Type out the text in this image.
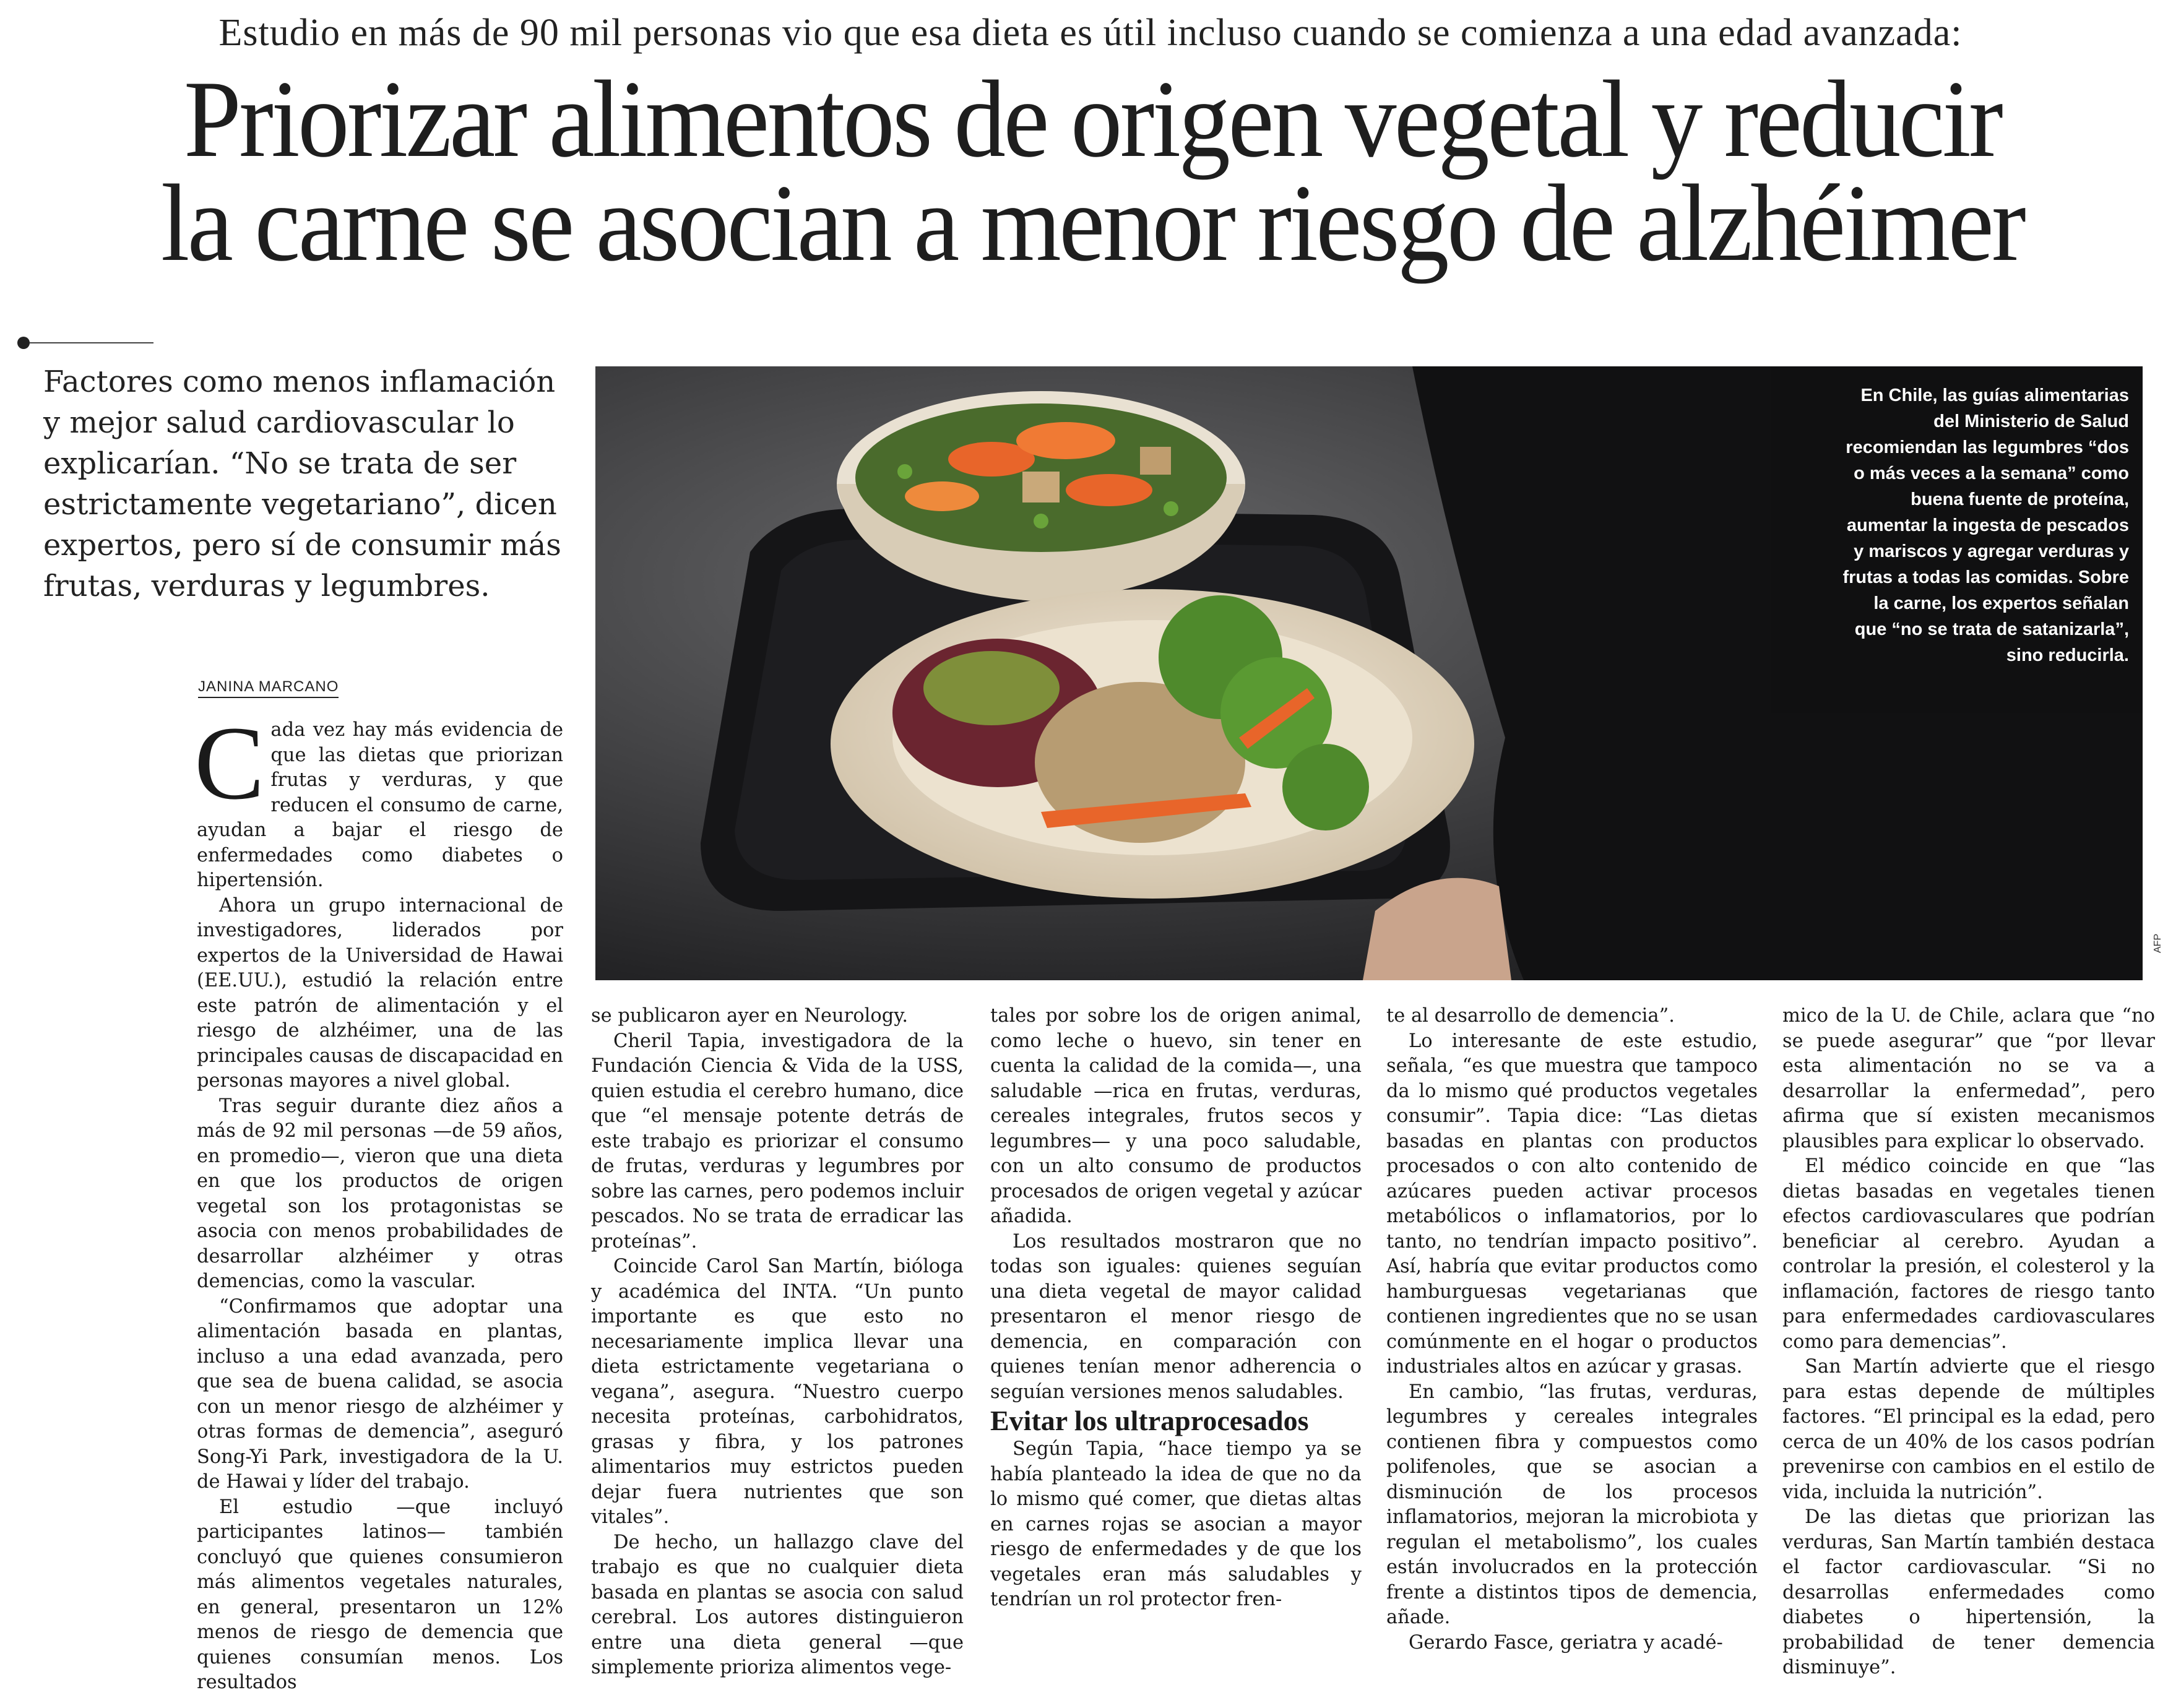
Estudio en más de 90 mil personas vio que esa dieta es útil incluso cuando se comienza a una edad avanzada:
Priorizar alimentos de origen vegetal y reducir
la carne se asocian a menor riesgo de alzhéimer
Factores como menos inflamación y mejor salud cardiovascular lo explicarían. “No se trata de ser estrictamente vegetariano”, dicen expertos, pero sí de consumir más frutas, verduras y legumbres.
JANINA MARCANO
En Chile, las guías alimentarias del Ministerio de Salud recomiendan las legumbres “dos o más veces a la semana” como buena fuente de proteína, aumentar la ingesta de pescados y mariscos y agregar verduras y frutas a todas las comidas. Sobre la carne, los expertos señalan que “no se trata de satanizarla”, sino reducirla.
AFP

Cada vez hay más evidencia de que las dietas que priorizan frutas y verduras, y que reducen el consumo de carne, ayudan a bajar el riesgo de enfermedades como diabetes o hipertensión.

Ahora un grupo internacional de investigadores, liderados por expertos de la Universidad de Hawai (EE.UU.), estudió la relación entre este patrón de alimentación y el riesgo de alzhéimer, una de las principales causas de discapacidad en personas mayores a nivel global.

Tras seguir durante diez años a más de 92 mil personas —de 59 años, en promedio—, vieron que una dieta en que los productos de origen vegetal son los protagonistas se asocia con menos probabilidades de desarrollar alzhéimer y otras demencias, como la vascular.

“Confirmamos que adoptar una alimentación basada en plantas, incluso a una edad avanzada, pero que sea de buena calidad, se asocia con un menor riesgo de alzhéimer y otras formas de demencia”, aseguró Song-Yi Park, investigadora de la U. de Hawai y líder del trabajo.

El estudio —que incluyó participantes latinos— también concluyó que quienes consumieron más alimentos vegetales naturales, en general, presentaron un 12% menos de riesgo de demencia que quienes consumían menos. Los resultados

se publicaron ayer en Neurology.

Cheril Tapia, investigadora de la Fundación Ciencia & Vida de la USS, quien estudia el cerebro humano, dice que “el mensaje potente detrás de este trabajo es priorizar el consumo de frutas, verduras y legumbres por sobre las carnes, pero podemos incluir pescados. No se trata de erradicar las proteínas”.

Coincide Carol San Martín, bióloga y académica del INTA. “Un punto importante es que esto no necesariamente implica llevar una dieta estrictamente vegetariana o vegana”, asegura. “Nuestro cuerpo necesita proteínas, carbohidratos, grasas y fibra, y los patrones alimentarios muy estrictos pueden dejar fuera nutrientes que son vitales”.

De hecho, un hallazgo clave del trabajo es que no cualquier dieta basada en plantas se asocia con salud cerebral. Los autores distinguieron entre una dieta general —que simplemente prioriza alimentos vege-

tales por sobre los de origen animal, como leche o huevo, sin tener en cuenta la calidad de la comida—, una saludable —rica en frutas, verduras, cereales integrales, frutos secos y legumbres— y una poco saludable, con un alto consumo de productos procesados de origen vegetal y azúcar añadida.

Los resultados mostraron que no todas son iguales: quienes seguían una dieta vegetal de mayor calidad presentaron el menor riesgo de demencia, en comparación con quienes tenían menor adherencia o seguían versiones menos saludables.

Evitar los ultraprocesados

Según Tapia, “hace tiempo ya se había planteado la idea de que no da lo mismo qué comer, que dietas altas en carnes rojas se asocian a mayor riesgo de enfermedades y de que los vegetales eran más saludables y tendrían un rol protector fren-

te al desarrollo de demencia”.

Lo interesante de este estudio, señala, “es que muestra que tampoco da lo mismo qué productos vegetales consumir”. Tapia dice: “Las dietas basadas en plantas con productos procesados o con alto contenido de azúcares pueden activar procesos metabólicos o inflamatorios, por lo tanto, no tendrían impacto positivo”. Así, habría que evitar productos como hamburguesas vegetarianas que contienen ingredientes que no se usan comúnmente en el hogar o productos industriales altos en azúcar y grasas.

En cambio, “las frutas, verduras, legumbres y cereales integrales contienen fibra y compuestos como polifenoles, que se asocian a disminución de los procesos inflamatorios, mejoran la microbiota y regulan el metabolismo”, los cuales están involucrados en la protección frente a distintos tipos de demencia, añade.

Gerardo Fasce, geriatra y acadé-

mico de la U. de Chile, aclara que “no se puede asegurar” que “por llevar esta alimentación no se va a desarrollar la enfermedad”, pero afirma que sí existen mecanismos plausibles para explicar lo observado.

El médico coincide en que “las dietas basadas en vegetales tienen efectos cardiovasculares que podrían beneficiar al cerebro. Ayudan a controlar la presión, el colesterol y la inflamación, factores de riesgo tanto para enfermedades cardiovasculares como para demencias”.

San Martín advierte que el riesgo para estas depende de múltiples factores. “El principal es la edad, pero cerca de un 40% de los casos podrían prevenirse con cambios en el estilo de vida, incluida la nutrición”.

De las dietas que priorizan las verduras, San Martín también destaca el factor cardiovascular. “Si no desarrollas enfermedades como diabetes o hipertensión, la probabilidad de tener demencia disminuye”.
